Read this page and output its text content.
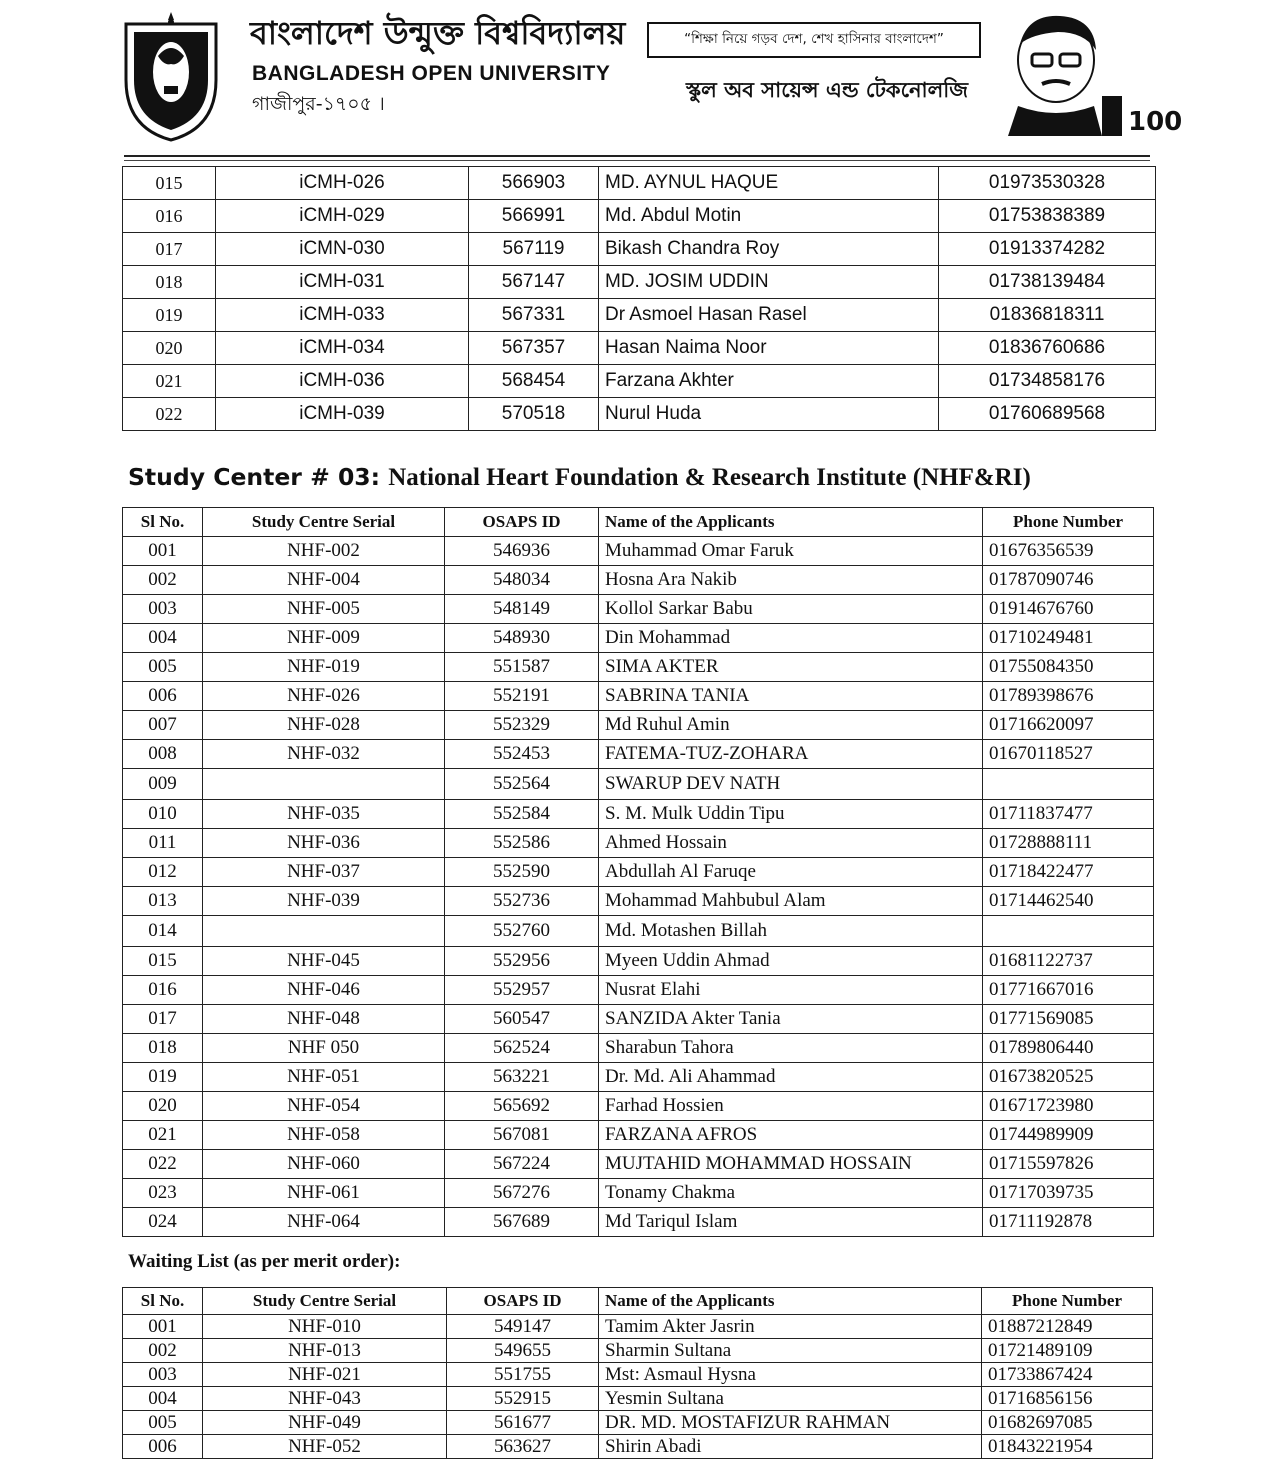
বাংলাদেশ উন্মুক্ত বিশ্ববিদ্যালয়
BANGLADESH OPEN UNIVERSITY
গাজীপুর-১৭০৫ ।
“শিক্ষা নিয়ে গড়ব দেশ, শেখ হাসিনার বাংলাদেশ”
স্কুল অব সায়েন্স এন্ড টেকনোলজি
100
015	iCMH-026	566903	MD. AYNUL HAQUE	01973530328
016	iCMH-029	566991	Md. Abdul Motin	01753838389
017	iCMN-030	567119	Bikash Chandra Roy	01913374282
018	iCMH-031	567147	MD. JOSIM UDDIN	01738139484
019	iCMH-033	567331	Dr Asmoel Hasan Rasel	01836818311
020	iCMH-034	567357	Hasan Naima Noor	01836760686
021	iCMH-036	568454	Farzana Akhter	01734858176
022	iCMH-039	570518	Nurul Huda	01760689568
Study Center # 03: National Heart Foundation & Research Institute (NHF&RI)
Sl No.	Study Centre Serial	OSAPS ID	Name of the Applicants	Phone Number
001	NHF-002	546936	Muhammad Omar Faruk	01676356539
002	NHF-004	548034	Hosna Ara Nakib	01787090746
003	NHF-005	548149	Kollol Sarkar Babu	01914676760
004	NHF-009	548930	Din Mohammad	01710249481
005	NHF-019	551587	SIMA AKTER	01755084350
006	NHF-026	552191	SABRINA TANIA	01789398676
007	NHF-028	552329	Md Ruhul Amin	01716620097
008	NHF-032	552453	FATEMA-TUZ-ZOHARA	01670118527
009		552564	SWARUP DEV NATH	
010	NHF-035	552584	S. M. Mulk Uddin Tipu	01711837477
011	NHF-036	552586	Ahmed Hossain	01728888111
012	NHF-037	552590	Abdullah Al Faruqe	01718422477
013	NHF-039	552736	Mohammad Mahbubul Alam	01714462540
014		552760	Md. Motashen Billah	
015	NHF-045	552956	Myeen Uddin Ahmad	01681122737
016	NHF-046	552957	Nusrat Elahi	01771667016
017	NHF-048	560547	SANZIDA Akter Tania	01771569085
018	NHF 050	562524	Sharabun Tahora	01789806440
019	NHF-051	563221	Dr. Md. Ali Ahammad	01673820525
020	NHF-054	565692	Farhad Hossien	01671723980
021	NHF-058	567081	FARZANA AFROS	01744989909
022	NHF-060	567224	MUJTAHID MOHAMMAD HOSSAIN	01715597826
023	NHF-061	567276	Tonamy Chakma	01717039735
024	NHF-064	567689	Md Tariqul Islam	01711192878
Waiting List (as per merit order):
Sl No.	Study Centre Serial	OSAPS ID	Name of the Applicants	Phone Number
001	NHF-010	549147	Tamim Akter Jasrin	01887212849
002	NHF-013	549655	Sharmin Sultana	01721489109
003	NHF-021	551755	Mst: Asmaul Hysna	01733867424
004	NHF-043	552915	Yesmin Sultana	01716856156
005	NHF-049	561677	DR. MD. MOSTAFIZUR RAHMAN	01682697085
006	NHF-052	563627	Shirin Abadi	01843221954
